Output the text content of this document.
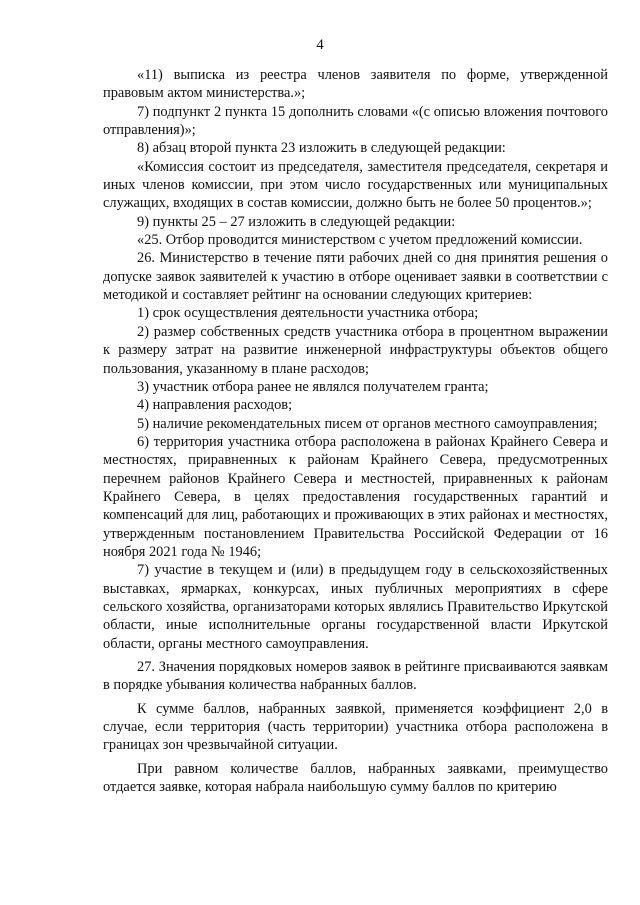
4

«11) выписка из реестра членов заявителя по форме, утвержденной правовым актом министерства.»;

7) подпункт 2 пункта 15 дополнить словами «(с описью вложения почтового отправления)»;

8) абзац второй пункта 23 изложить в следующей редакции:

«Комиссия состоит из председателя, заместителя председателя, секретаря и иных членов комиссии, при этом число государственных или муниципальных служащих, входящих в состав комиссии, должно быть не более 50 процентов.»;

9) пункты 25 – 27 изложить в следующей редакции:

«25. Отбор проводится министерством с учетом предложений комиссии.

26. Министерство в течение пяти рабочих дней со дня принятия решения о допуске заявок заявителей к участию в отборе оценивает заявки в соответствии с методикой и составляет рейтинг на основании следующих критериев:

1) срок осуществления деятельности участника отбора;

2) размер собственных средств участника отбора в процентном выражении к размеру затрат на развитие инженерной инфраструктуры объектов общего пользования, указанному в плане расходов;

3) участник отбора ранее не являлся получателем гранта;

4) направления расходов;

5) наличие рекомендательных писем от органов местного самоуправления;

6) территория участника отбора расположена в районах Крайнего Севера и местностях, приравненных к районам Крайнего Севера, предусмотренных перечнем районов Крайнего Севера и местностей, приравненных к районам Крайнего Севера, в целях предоставления государственных гарантий и компенсаций для лиц, работающих и проживающих в этих районах и местностях, утвержденным постановлением Правительства Российской Федерации от 16 ноября 2021 года № 1946;

7) участие в текущем и (или) в предыдущем году в сельскохозяйственных выставках, ярмарках, конкурсах, иных публичных мероприятиях в сфере сельского хозяйства, организаторами которых являлись Правительство Иркутской области, иные исполнительные органы государственной власти Иркутской области, органы местного самоуправления.

27. Значения порядковых номеров заявок в рейтинге присваиваются заявкам в порядке убывания количества набранных баллов.

К сумме баллов, набранных заявкой, применяется коэффициент 2,0 в случае, если территория (часть территории) участника отбора расположена в границах зон чрезвычайной ситуации.

При равном количестве баллов, набранных заявками, преимущество отдается заявке, которая набрала наибольшую сумму баллов по критерию
